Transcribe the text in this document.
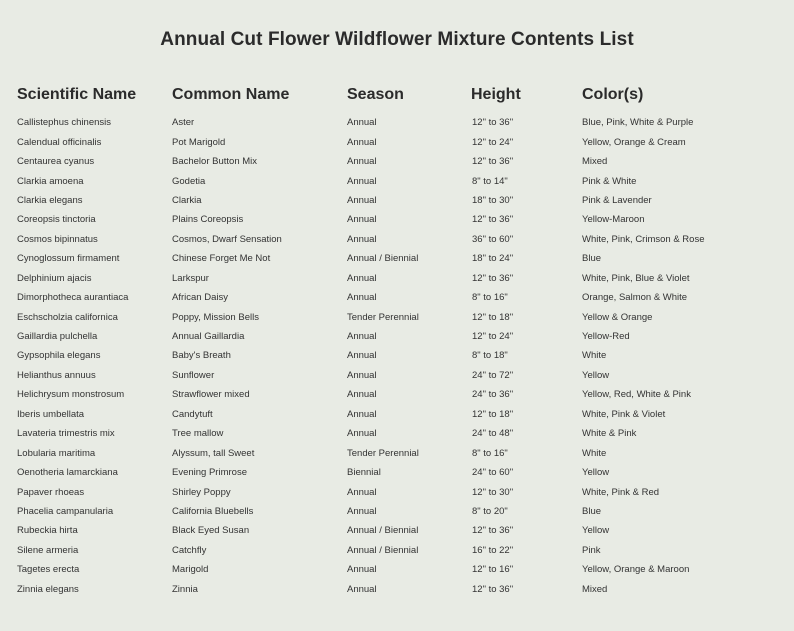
Annual Cut Flower Wildflower Mixture Contents List
Scientific Name	Common Name	Season	Height	Color(s)
Callistephus chinensis	Aster	Annual	12" to 36"	Blue, Pink, White & Purple
Calendual officinalis	Pot Marigold	Annual	12" to 24"	Yellow, Orange & Cream
Centaurea cyanus	Bachelor Button Mix	Annual	12" to 36"	Mixed
Clarkia amoena	Godetia	Annual	8" to 14"	Pink & White
Clarkia elegans	Clarkia	Annual	18" to 30"	Pink & Lavender
Coreopsis tinctoria	Plains Coreopsis	Annual	12" to 36"	Yellow-Maroon
Cosmos bipinnatus	Cosmos, Dwarf Sensation	Annual	36" to 60"	White, Pink, Crimson & Rose
Cynoglossum firmament	Chinese Forget Me Not	Annual / Biennial	18" to 24"	Blue
Delphinium ajacis	Larkspur	Annual	12" to 36"	White, Pink, Blue & Violet
Dimorphotheca aurantiaca	African Daisy	Annual	8" to 16"	Orange, Salmon & White
Eschscholzia californica	Poppy, Mission Bells	Tender Perennial	12" to 18"	Yellow & Orange
Gaillardia pulchella	Annual Gaillardia	Annual	12" to 24"	Yellow-Red
Gypsophila elegans	Baby's Breath	Annual	8" to 18"	White
Helianthus annuus	Sunflower	Annual	24" to 72"	Yellow
Helichrysum monstrosum	Strawflower mixed	Annual	24" to 36"	Yellow, Red, White & Pink
Iberis umbellata	Candytuft	Annual	12" to 18"	White, Pink & Violet
Lavateria trimestris mix	Tree mallow	Annual	24" to 48"	White & Pink
Lobularia maritima	Alyssum, tall Sweet	Tender Perennial	8" to 16"	White
Oenotheria lamarckiana	Evening Primrose	Biennial	24" to 60"	Yellow
Papaver rhoeas	Shirley Poppy	Annual	12" to 30"	White, Pink & Red
Phacelia campanularia	California Bluebells	Annual	8" to 20"	Blue
Rubeckia hirta	Black Eyed Susan	Annual / Biennial	12" to 36"	Yellow
Silene armeria	Catchfly	Annual / Biennial	16" to 22"	Pink
Tagetes erecta	Marigold	Annual	12" to 16"	Yellow, Orange & Maroon
Zinnia elegans	Zinnia	Annual	12" to 36"	Mixed
